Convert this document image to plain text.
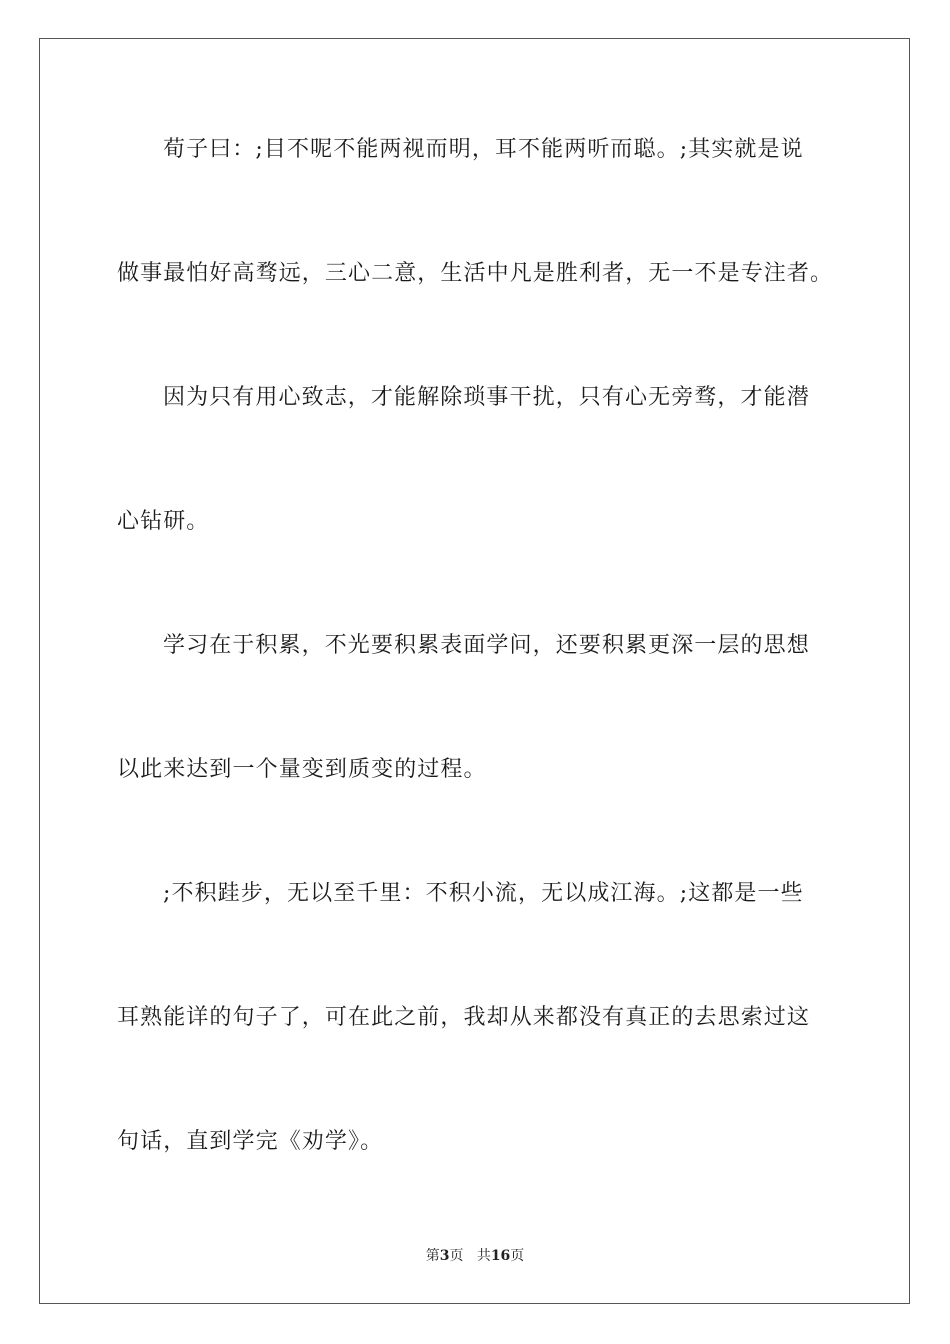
荀子曰：;目不呢不能两视而明，耳不能两听而聪。;其实就是说
做事最怕好高骛远，三心二意，生活中凡是胜利者，无一不是专注者。
因为只有用心致志，才能解除琐事干扰，只有心无旁骛，才能潜
心钻研。
学习在于积累，不光要积累表面学问，还要积累更深一层的思想
以此来达到一个量变到质变的过程。
;不积跬步，无以至千里：不积小流，无以成江海。;这都是一些
耳熟能详的句子了，可在此之前，我却从来都没有真正的去思索过这
句话，直到学完《劝学》。
第3页 共16页
